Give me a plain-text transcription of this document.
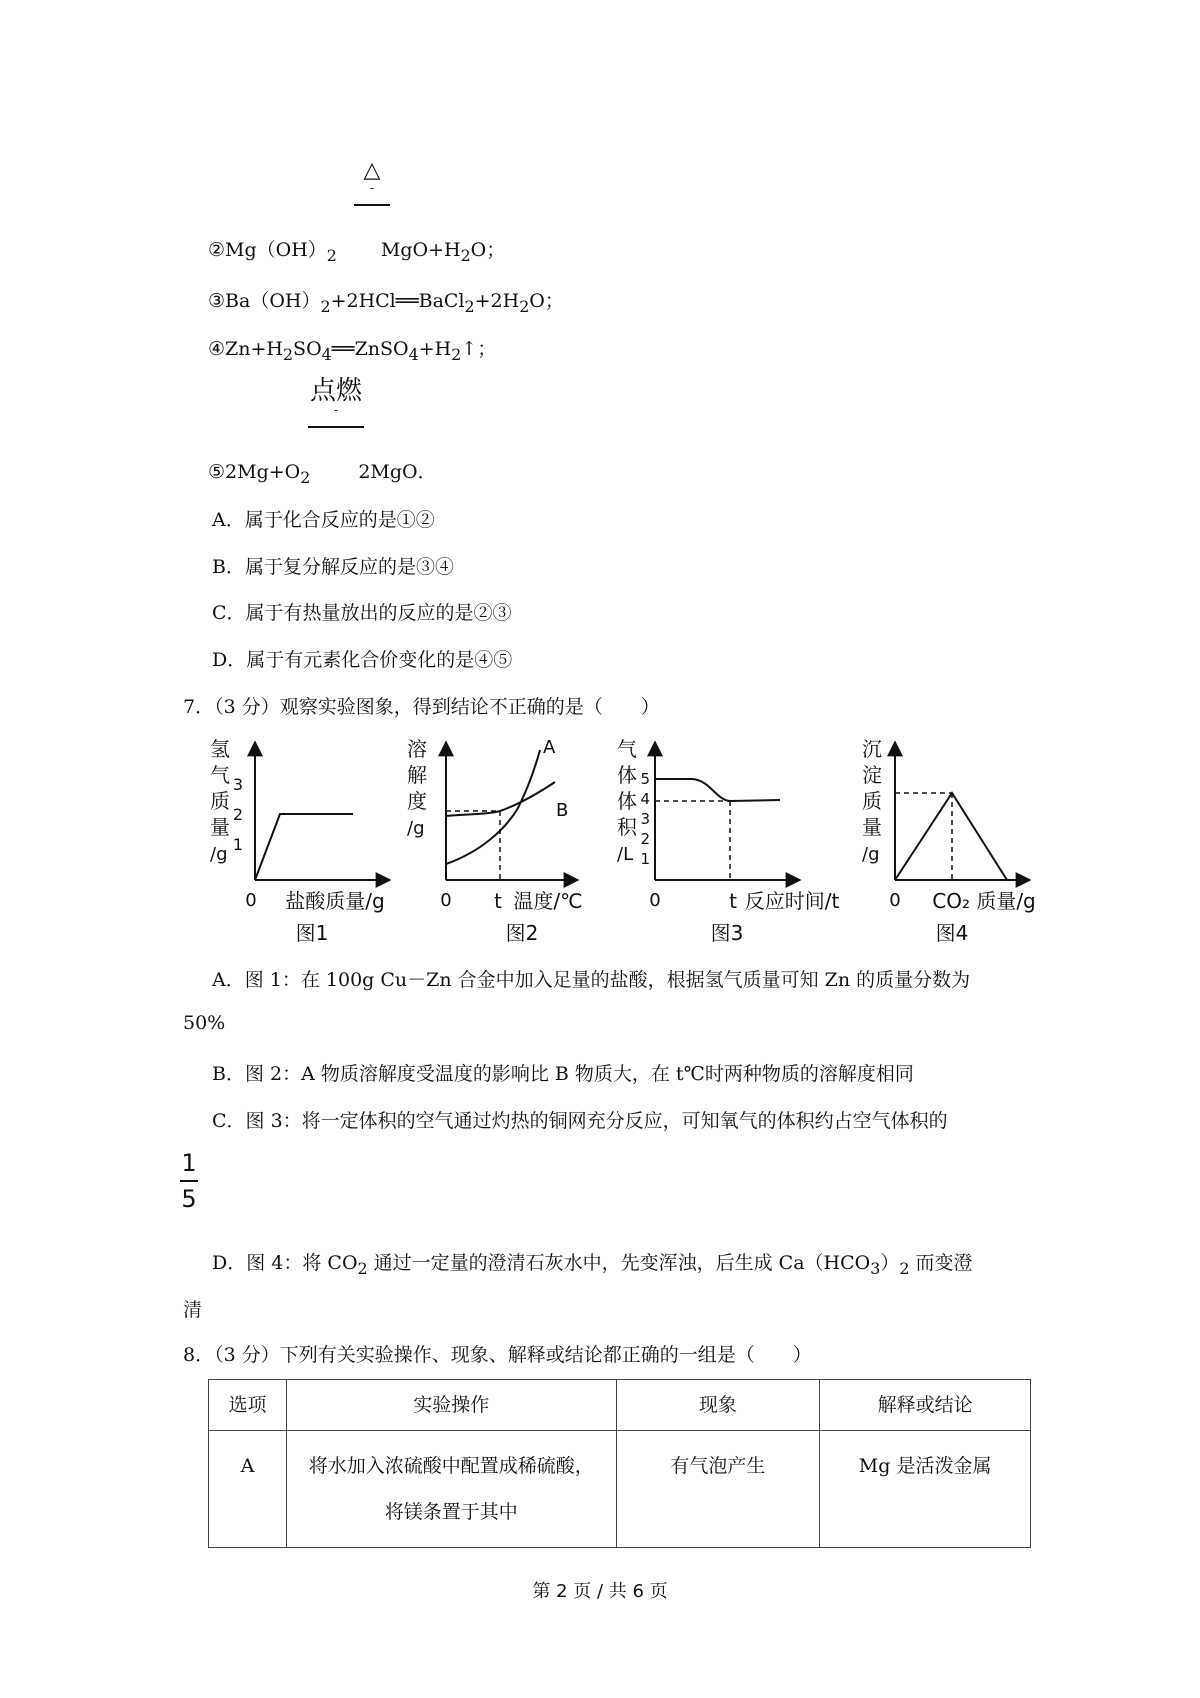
△
-
$②Mg(OH)_2$ $MgO+H_2O$；
$③Ba(OH)_2+2HCl══BaCl_2+2H_2O$；
$④Zn+H_2SO_4══ZnSO_4+H_2↑$；
点燃
-
$⑤2Mg+O_2$	2MgO．
A．属于化合反应的是①②
B．属于复分解反应的是③④
C．属于有热量放出的反应的是②③
D．属于有元素化合价变化的是④⑤
7．（3 分）观察实验图象，得到结论不正确的是（　　）
氢
气
质
量
/g
3
2
1
0 盐酸质量/g
图1
溶
解
度
/g
A
B
0 t 温度/℃
图2
气
体
体
积
/L
5
4
3
2
1
0	t 反应时间/t
图3
沉
淀
质
量
/g
0 CO₂ 质量/g
图4
A．图 1：在 100g Cu－Zn 合金中加入足量的盐酸，根据氢气质量可知 Zn 的质量分数为
50%
B．图 2：A 物质溶解度受温度的影响比 B 物质大，在 t℃时两种物质的溶解度相同
C．图 3：将一定体积的空气通过灼热的铜网充分反应，可知氧气的体积约占空气体积的
1
5
D．图 4：将 $CO_2$ 通过一定量的澄清石灰水中，先变浑浊，后生成 $Ca(HCO_3)_2$ 而变澄
清
8．（3 分）下列有关实验操作、现象、解释或结论都正确的一组是（　　）
选项	实验操作	现象	解释或结论
A	将水加入浓硫酸中配置成稀硫酸，
将镁条置于其中	有气泡产生	Mg 是活泼金属
第 2 页 / 共 6 页
